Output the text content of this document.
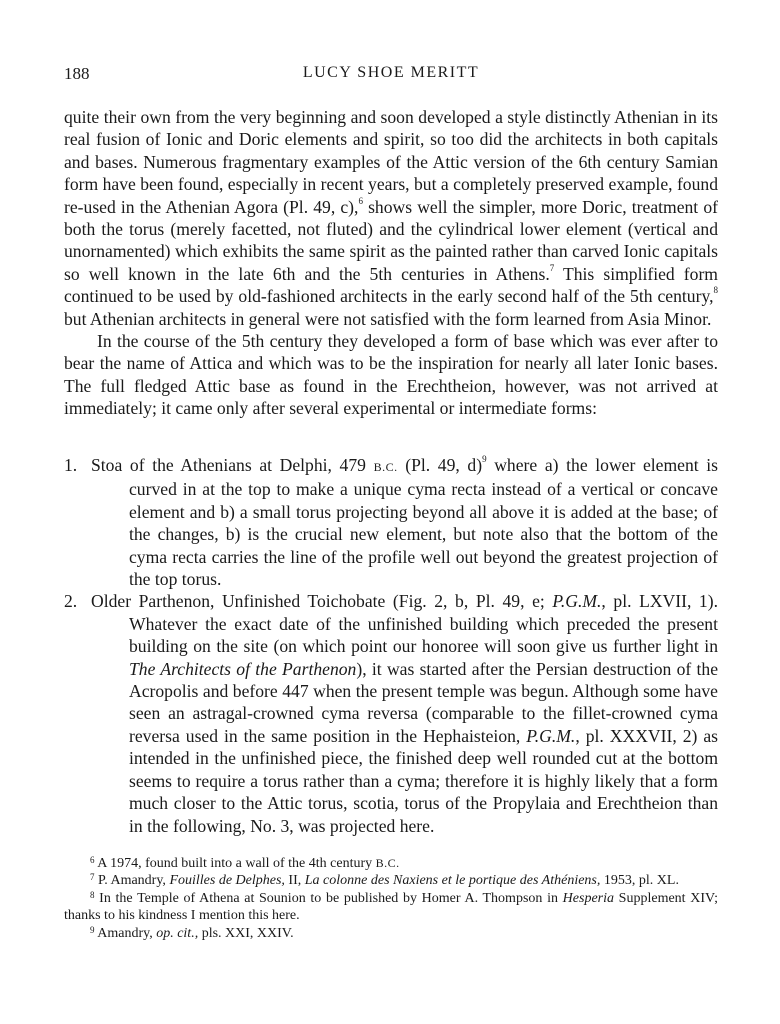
188	LUCY SHOE MERITT

quite their own from the very beginning and soon developed a style distinctly Athenian in its real fusion of Ionic and Doric elements and spirit, so too did the architects in both capitals and bases. Numerous fragmentary examples of the Attic version of the 6th century Samian form have been found, especially in recent years, but a completely preserved example, found re-used in the Athenian Agora (Pl. 49, c),$^6$ shows well the simpler, more Doric, treatment of both the torus (merely facetted, not fluted) and the cylindrical lower element (vertical and unornamented) which exhibits the same spirit as the painted rather than carved Ionic capitals so well known in the late 6th and the 5th centuries in Athens.$^7$ This simplified form continued to be used by old-fashioned architects in the early second half of the 5th century,$^8$ but Athenian architects in general were not satisfied with the form learned from Asia Minor.

In the course of the 5th century they developed a form of base which was ever after to bear the name of Attica and which was to be the inspiration for nearly all later Ionic bases. The full fledged Attic base as found in the Erechtheion, however, was not arrived at immediately; it came only after several experimental or intermediate forms:

1. Stoa of the Athenians at Delphi, 479 B.C. (Pl. 49, d)$^9$ where a) the lower element is curved in at the top to make a unique cyma recta instead of a vertical or concave element and b) a small torus projecting beyond all above it is added at the base; of the changes, b) is the crucial new element, but note also that the bottom of the cyma recta carries the line of the profile well out beyond the greatest projection of the top torus.
2. Older Parthenon, Unfinished Toichobate (Fig. 2, b, Pl. 49, e; P.G.M., pl. LXVII, 1). Whatever the exact date of the unfinished building which preceded the present building on the site (on which point our honoree will soon give us further light in The Architects of the Parthenon), it was started after the Persian destruction of the Acropolis and before 447 when the present temple was begun. Although some have seen an astragal-crowned cyma reversa (comparable to the fillet-crowned cyma reversa used in the same position in the Hephaisteion, P.G.M., pl. XXXVII, 2) as intended in the unfinished piece, the finished deep well rounded cut at the bottom seems to require a torus rather than a cyma; therefore it is highly likely that a form much closer to the Attic torus, scotia, torus of the Propylaia and Erechtheion than in the following, No. 3, was projected here.

$^6$ A 1974, found built into a wall of the 4th century B.C.

$^7$ P. Amandry, Fouilles de Delphes, II, La colonne des Naxiens et le portique des Athéniens, 1953, pl. XL.

$^8$ In the Temple of Athena at Sounion to be published by Homer A. Thompson in Hesperia Supplement XIV; thanks to his kindness I mention this here.

$^9$ Amandry, op. cit., pls. XXI, XXIV.
